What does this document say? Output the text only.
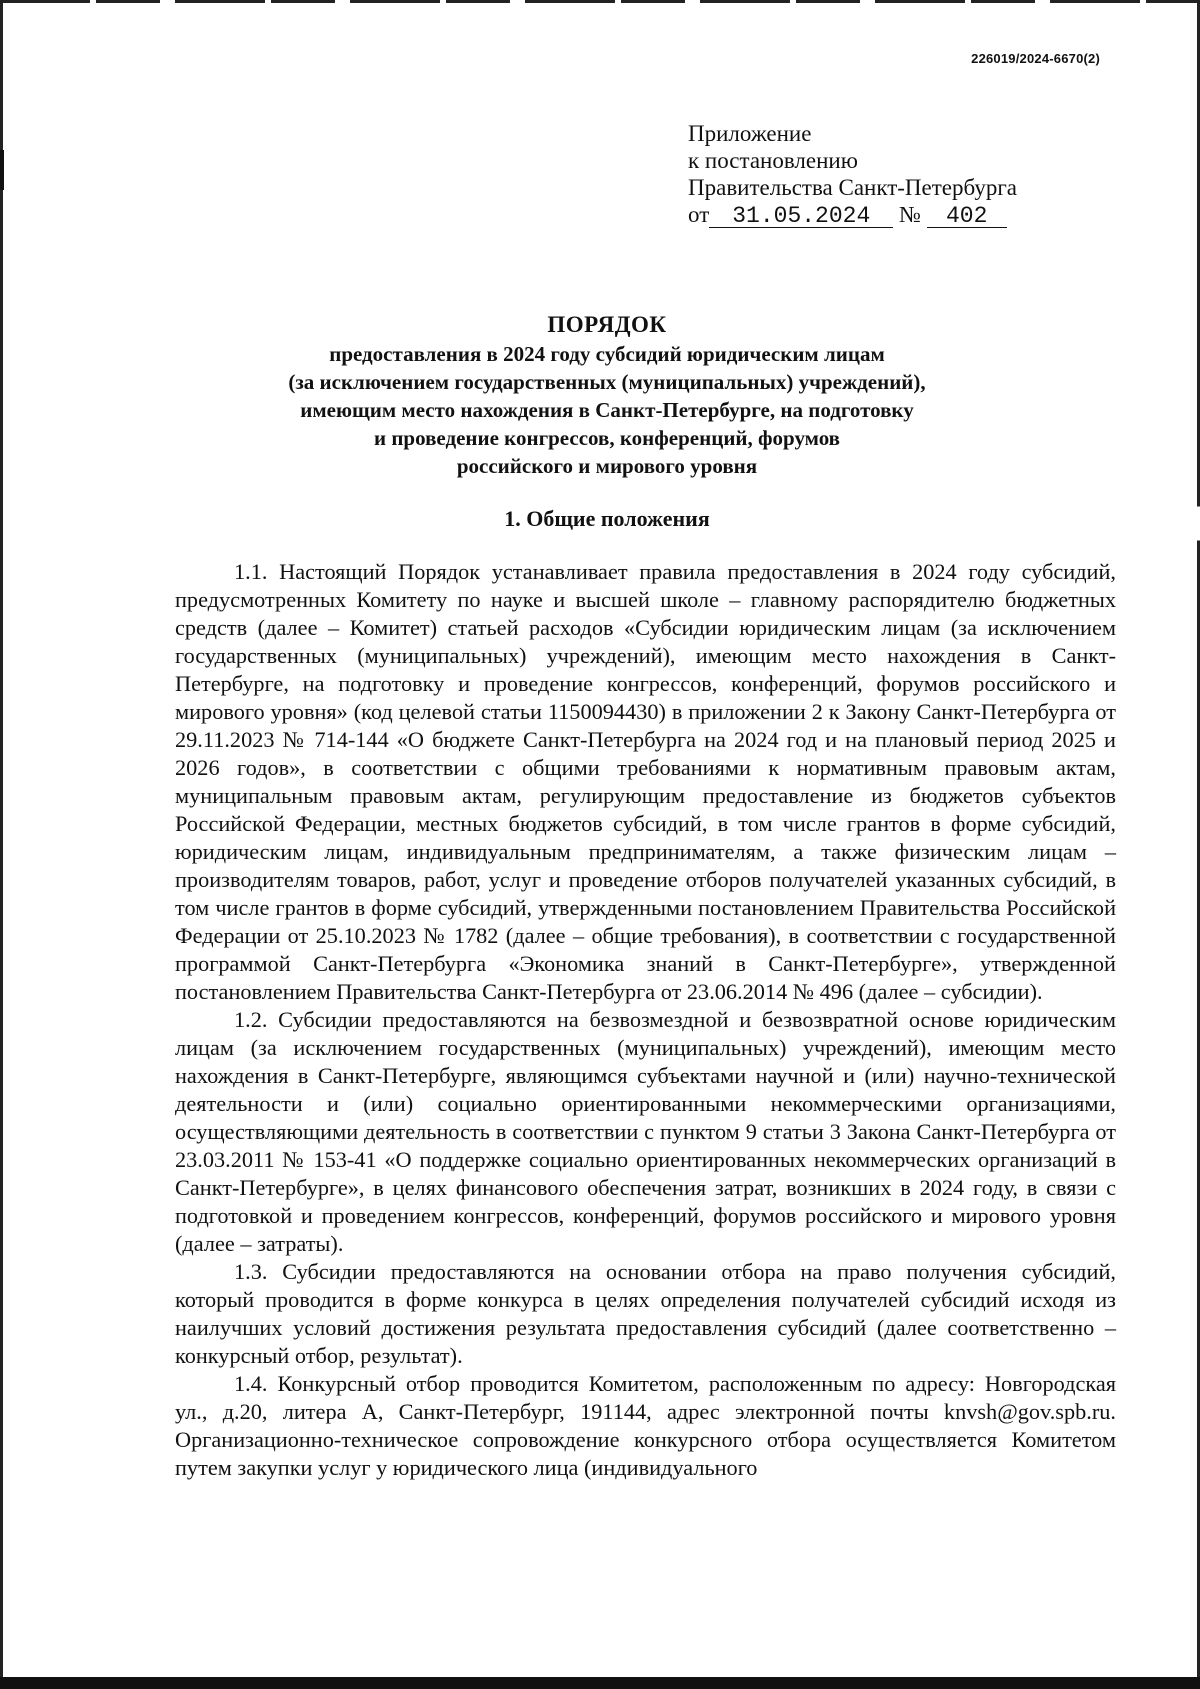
226019/2024-6670(2)
Приложение
к постановлению
Правительства Санкт-Петербурга
от 31.05.2024 № 402
ПОРЯДОК
предоставления в 2024 году субсидий юридическим лицам
(за исключением государственных (муниципальных) учреждений),
имеющим место нахождения в Санкт-Петербурге, на подготовку
и проведение конгрессов, конференций, форумов
российского и мирового уровня
1. Общие положения

1.1. Настоящий Порядок устанавливает правила предоставления в 2024 году субсидий, предусмотренных Комитету по науке и высшей школе – главному распорядителю бюджетных средств (далее – Комитет) статьей расходов «Субсидии юридическим лицам (за исключением государственных (муниципальных) учреждений), имеющим место нахождения в Санкт-Петербурге, на подготовку и проведение конгрессов, конференций, форумов российского и мирового уровня» (код целевой статьи 1150094430) в приложении 2 к Закону Санкт-Петербурга от 29.11.2023 № 714-144 «О бюджете Санкт-Петербурга на 2024 год и на плановый период 2025 и 2026 годов», в соответствии с общими требованиями к нормативным правовым актам, муниципальным правовым актам, регулирующим предоставление из бюджетов субъектов Российской Федерации, местных бюджетов субсидий, в том числе грантов в форме субсидий, юридическим лицам, индивидуальным предпринимателям, а также физическим лицам – производителям товаров, работ, услуг и проведение отборов получателей указанных субсидий, в том числе грантов в форме субсидий, утвержденными постановлением Правительства Российской Федерации от 25.10.2023 № 1782 (далее – общие требования), в соответствии с государственной программой Санкт-Петербурга «Экономика знаний в Санкт-Петербурге», утвержденной постановлением Правительства Санкт-Петербурга от 23.06.2014 № 496 (далее – субсидии).

1.2. Субсидии предоставляются на безвозмездной и безвозвратной основе юридическим лицам (за исключением государственных (муниципальных) учреждений), имеющим место нахождения в Санкт-Петербурге, являющимся субъектами научной и (или) научно-технической деятельности и (или) социально ориентированными некоммерческими организациями, осуществляющими деятельность в соответствии с пунктом 9 статьи 3 Закона Санкт-Петербурга от 23.03.2011 № 153-41 «О поддержке социально ориентированных некоммерческих организаций в Санкт-Петербурге», в целях финансового обеспечения затрат, возникших в 2024 году, в связи с подготовкой и проведением конгрессов, конференций, форумов российского и мирового уровня (далее – затраты).

1.3. Субсидии предоставляются на основании отбора на право получения субсидий, который проводится в форме конкурса в целях определения получателей субсидий исходя из наилучших условий достижения результата предоставления субсидий (далее соответственно – конкурсный отбор, результат).

1.4. Конкурсный отбор проводится Комитетом, расположенным по адресу: Новгородская ул., д.20, литера А, Санкт-Петербург, 191144, адрес электронной почты knvsh@gov.spb.ru. Организационно-техническое сопровождение конкурсного отбора осуществляется Комитетом путем закупки услуг у юридического лица (индивидуального
